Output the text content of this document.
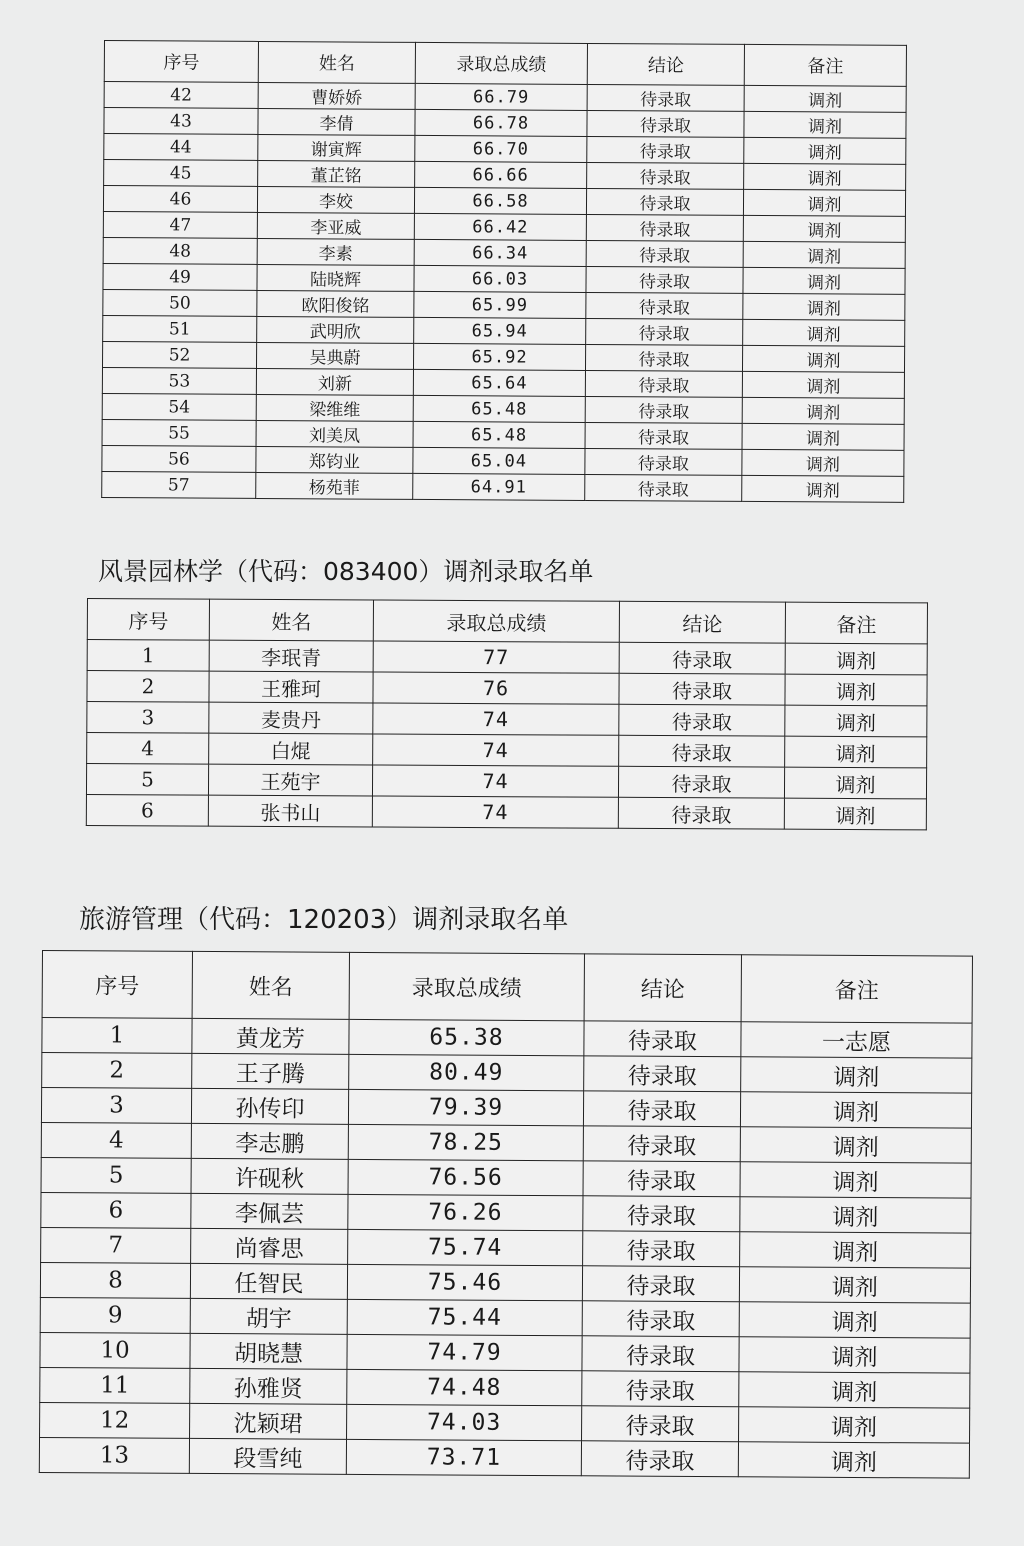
序号	姓名	录取总成绩	结论	备注
42	曹娇娇	66.79	待录取	调剂
43	李倩	66.78	待录取	调剂
44	谢寅辉	66.70	待录取	调剂
45	董芷铭	66.66	待录取	调剂
46	李姣	66.58	待录取	调剂
47	李亚威	66.42	待录取	调剂
48	李素	66.34	待录取	调剂
49	陆晓辉	66.03	待录取	调剂
50	欧阳俊铭	65.99	待录取	调剂
51	武明欣	65.94	待录取	调剂
52	吴典蔚	65.92	待录取	调剂
53	刘新	65.64	待录取	调剂
54	梁维维	65.48	待录取	调剂
55	刘美凤	65.48	待录取	调剂
56	郑钧业	65.04	待录取	调剂
57	杨苑菲	64.91	待录取	调剂
风景园林学（代码：083400）调剂录取名单
序号	姓名	录取总成绩	结论	备注
1	李珉青	77	待录取	调剂
2	王雅珂	76	待录取	调剂
3	麦贵丹	74	待录取	调剂
4	白焜	74	待录取	调剂
5	王苑宇	74	待录取	调剂
6	张书山	74	待录取	调剂
旅游管理（代码：120203）调剂录取名单
序号	姓名	录取总成绩	结论	备注
1	黄龙芳	65.38	待录取	一志愿
2	王子腾	80.49	待录取	调剂
3	孙传印	79.39	待录取	调剂
4	李志鹏	78.25	待录取	调剂
5	许砚秋	76.56	待录取	调剂
6	李佩芸	76.26	待录取	调剂
7	尚睿思	75.74	待录取	调剂
8	任智民	75.46	待录取	调剂
9	胡宇	75.44	待录取	调剂
10	胡晓慧	74.79	待录取	调剂
11	孙雅贤	74.48	待录取	调剂
12	沈颖珺	74.03	待录取	调剂
13	段雪纯	73.71	待录取	调剂
